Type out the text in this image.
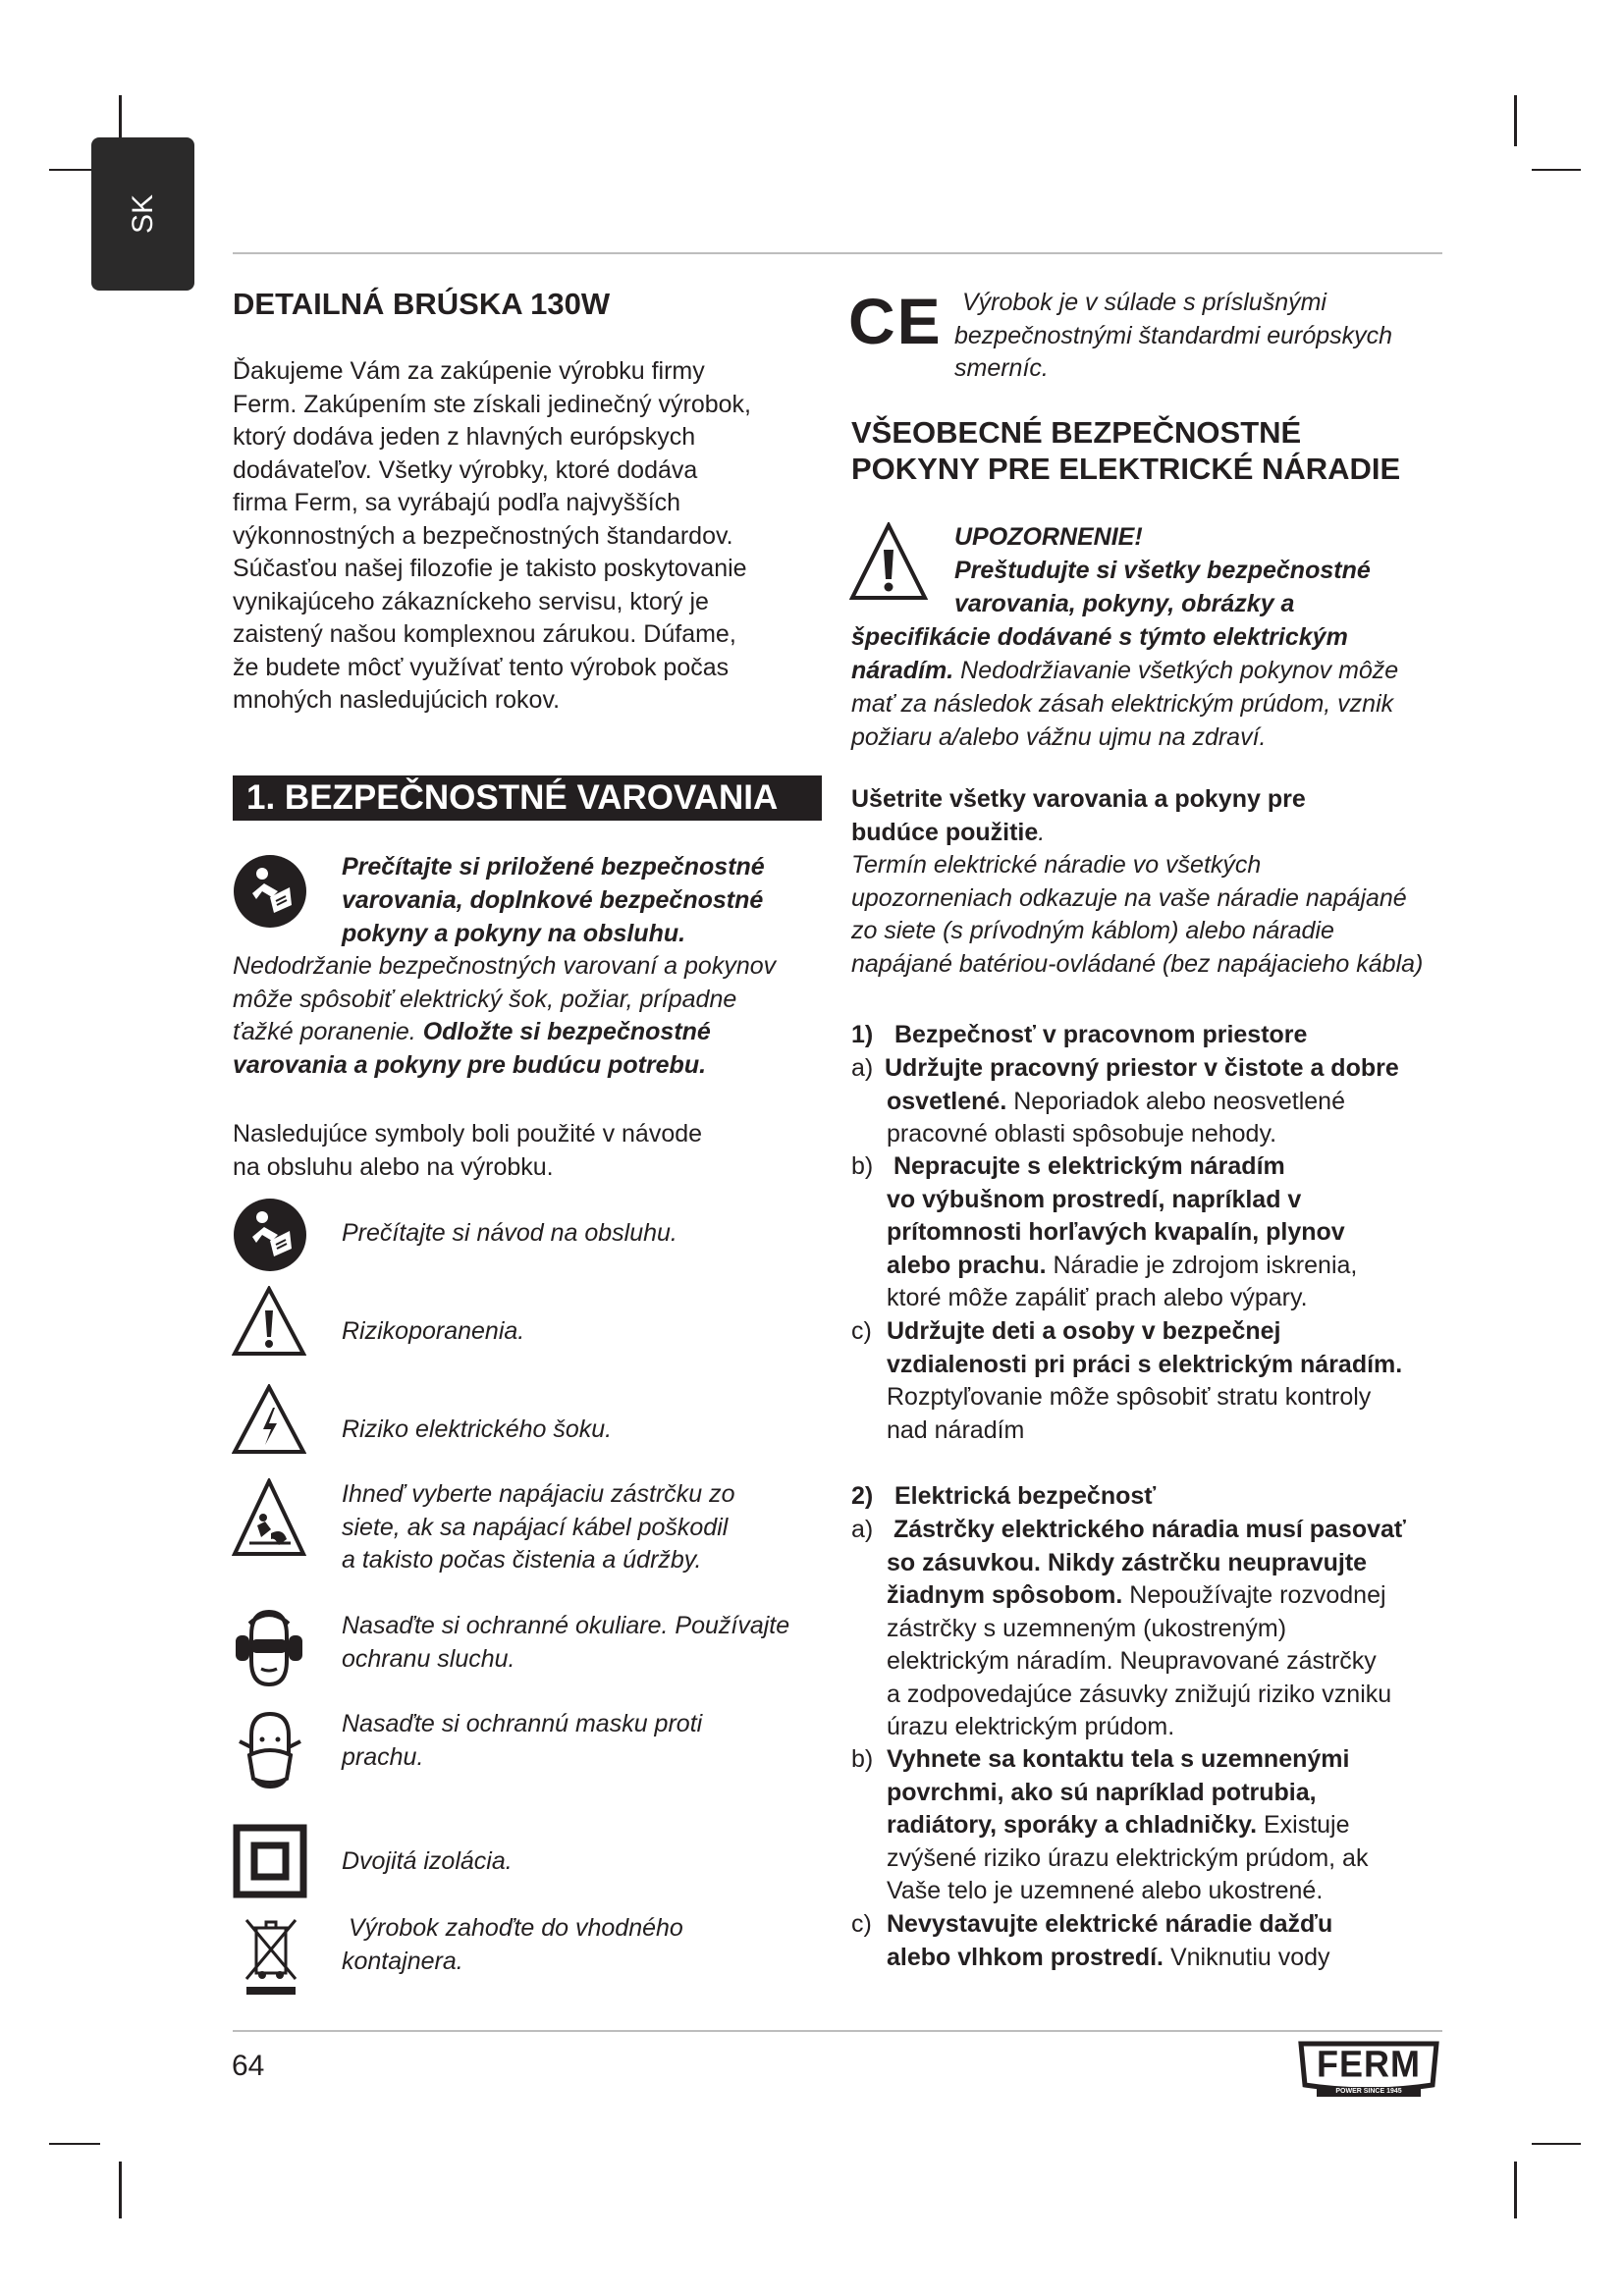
SK
DETAILNÁ BRÚSKA 130W
Ďakujeme Vám za zakúpenie výrobku firmy
Ferm. Zakúpením ste získali jedinečný výrobok,
ktorý dodáva jeden z hlavných európskych
dodávateľov. Všetky výrobky, ktoré dodáva
firma Ferm, sa vyrábajú podľa najvyšších
výkonnostných a bezpečnostných štandardov.
Súčasťou našej filozofie je takisto poskytovanie
vynikajúceho zákazníckeho servisu, ktorý je
zaistený našou komplexnou zárukou. Dúfame,
že budete môcť využívať tento výrobok počas
mnohých nasledujúcich rokov.
1. BEZPEČNOSTNÉ VAROVANIA
Prečítajte si priložené bezpečnostné
varovania, doplnkové bezpečnostné
pokyny a pokyny na obsluhu.
Nedodržanie bezpečnostných varovaní a pokynov
môže spôsobiť elektrický šok, požiar, prípadne
ťažké poranenie. Odložte si bezpečnostné
varovania a pokyny pre budúcu potrebu.
Nasledujúce symboly boli použité v návode
na obsluhu alebo na výrobku.
Prečítajte si návod na obsluhu.
Rizikoporanenia.
Riziko elektrického šoku.
Ihneď vyberte napájaciu zástrčku zo
siete, ak sa napájací kábel poškodil
a takisto počas čistenia a údržby.
Nasaďte si ochranné okuliare. Používajte
ochranu sluchu.
Nasaďte si ochrannú masku proti
prachu.
Dvojitá izolácia.
Výrobok zahoďte do vhodného
kontajnera.
CE Výrobok je v súlade s príslušnými
bezpečnostnými štandardmi európskych
smerníc.
VŠEOBECNÉ BEZPEČNOSTNÉ
POKYNY PRE ELEKTRICKÉ NÁRADIE
UPOZORNENIE!
Preštudujte si všetky bezpečnostné
varovania, pokyny, obrázky a
špecifikácie dodávané s týmto elektrickým
náradím. Nedodržiavanie všetkých pokynov môže
mať za následok zásah elektrickým prúdom, vznik
požiaru a/alebo vážnu ujmu na zdraví.
Ušetrite všetky varovania a pokyny pre
budúce použitie.
Termín elektrické náradie vo všetkých
upozorneniach odkazuje na vaše náradie napájané
zo siete (s prívodným káblom) alebo náradie
napájané batériou-ovládané (bez napájacieho kábla)
1) Bezpečnosť v pracovnom priestore
a) Udržujte pracovný priestor v čistote a dobre
osvetlené. Neporiadok alebo neosvetlené
pracovné oblasti spôsobuje nehody.
b) Nepracujte s elektrickým náradím
vo výbušnom prostredí, napríklad v
prítomnosti horľavých kvapalín, plynov
alebo prachu. Náradie je zdrojom iskrenia,
ktoré môže zapáliť prach alebo výpary.
c) Udržujte deti a osoby v bezpečnej
vzdialenosti pri práci s elektrickým náradím.
Rozptyľovanie môže spôsobiť stratu kontroly
nad náradím
2) Elektrická bezpečnosť
a) Zástrčky elektrického náradia musí pasovať
so zásuvkou. Nikdy zástrčku neupravujte
žiadnym spôsobom. Nepoužívajte rozvodnej
zástrčky s uzemneným (ukostreným)
elektrickým náradím. Neupravované zástrčky
a zodpovedajúce zásuvky znižujú riziko vzniku
úrazu elektrickým prúdom.
b) Vyhnete sa kontaktu tela s uzemnenými
povrchmi, ako sú napríklad potrubia,
radiátory, sporáky a chladničky. Existuje
zvýšené riziko úrazu elektrickým prúdom, ak
Vaše telo je uzemnené alebo ukostrené.
c) Nevystavujte elektrické náradie dažďu
alebo vlhkom prostredí. Vniknutiu vody
64	FERM
POWER SINCE 1945
